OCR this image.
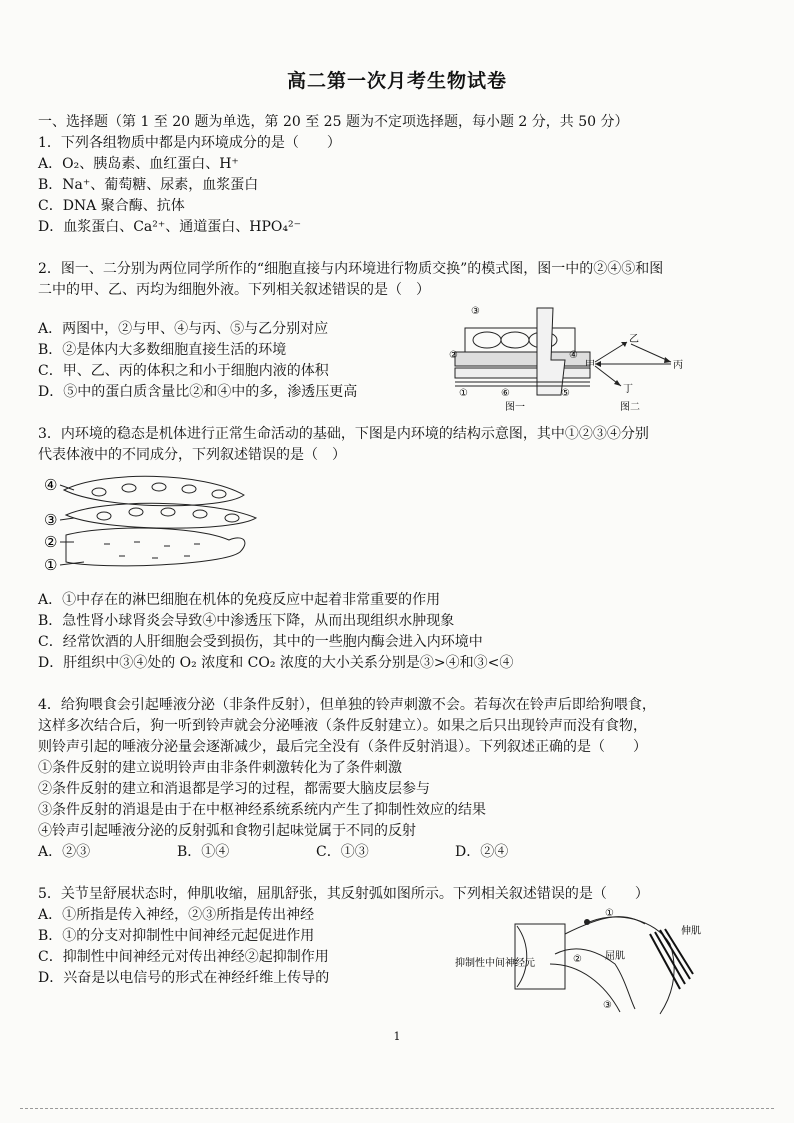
高二第一次月考生物试卷
一、选择题（第 1 至 20 题为单选，第 20 至 25 题为不定项选择题，每小题 2 分，共 50 分）
1．下列各组物质中都是内环境成分的是（　　）
A．O₂、胰岛素、血红蛋白、H⁺
B．Na⁺、葡萄糖、尿素，血浆蛋白
C．DNA 聚合酶、抗体
D．血浆蛋白、Ca²⁺、通道蛋白、HPO₄²⁻
2．图一、二分别为两位同学所作的“细胞直接与内环境进行物质交换”的模式图，图一中的②④⑤和图
二中的甲、乙、丙均为细胞外液。下列相关叙述错误的是（　）
A．两图中，②与甲、④与丙、⑤与乙分别对应
B．②是体内大多数细胞直接生活的环境
C．甲、乙、丙的体积之和小于细胞内液的体积
D．⑤中的蛋白质含量比②和④中的多，渗透压更高
③
②	④
①	⑥	⑤
图一
乙
甲	丙
丁
图二
3．内环境的稳态是机体进行正常生命活动的基础，下图是内环境的结构示意图，其中①②③④分别
代表体液中的不同成分，下列叙述错误的是（　）
④
③
②
①
A．①中存在的淋巴细胞在机体的免疫反应中起着非常重要的作用
B．急性肾小球肾炎会导致④中渗透压下降，从而出现组织水肿现象
C．经常饮酒的人肝细胞会受到损伤，其中的一些胞内酶会进入内环境中
D．肝组织中③④处的 O₂ 浓度和 CO₂ 浓度的大小关系分别是③>④和③<④
4．给狗喂食会引起唾液分泌（非条件反射），但单独的铃声刺激不会。若每次在铃声后即给狗喂食，
这样多次结合后，狗一听到铃声就会分泌唾液（条件反射建立）。如果之后只出现铃声而没有食物，
则铃声引起的唾液分泌量会逐渐减少，最后完全没有（条件反射消退）。下列叙述正确的是（　　）
①条件反射的建立说明铃声由非条件刺激转化为了条件刺激
②条件反射的建立和消退都是学习的过程，都需要大脑皮层参与
③条件反射的消退是由于在中枢神经系统系统内产生了抑制性效应的结果
④铃声引起唾液分泌的反射弧和食物引起味觉属于不同的反射
A．②③	B．①④	C．①③	D．②④
5．关节呈舒展状态时，伸肌收缩，屈肌舒张，其反射弧如图所示。下列相关叙述错误的是（　　）
A．①所指是传入神经，②③所指是传出神经
B．①的分支对抑制性中间神经元起促进作用
C．抑制性中间神经元对传出神经②起抑制作用
D．兴奋是以电信号的形式在神经纤维上传导的
抑制性中间神经元
伸肌
屈肌
①
②
③
1
